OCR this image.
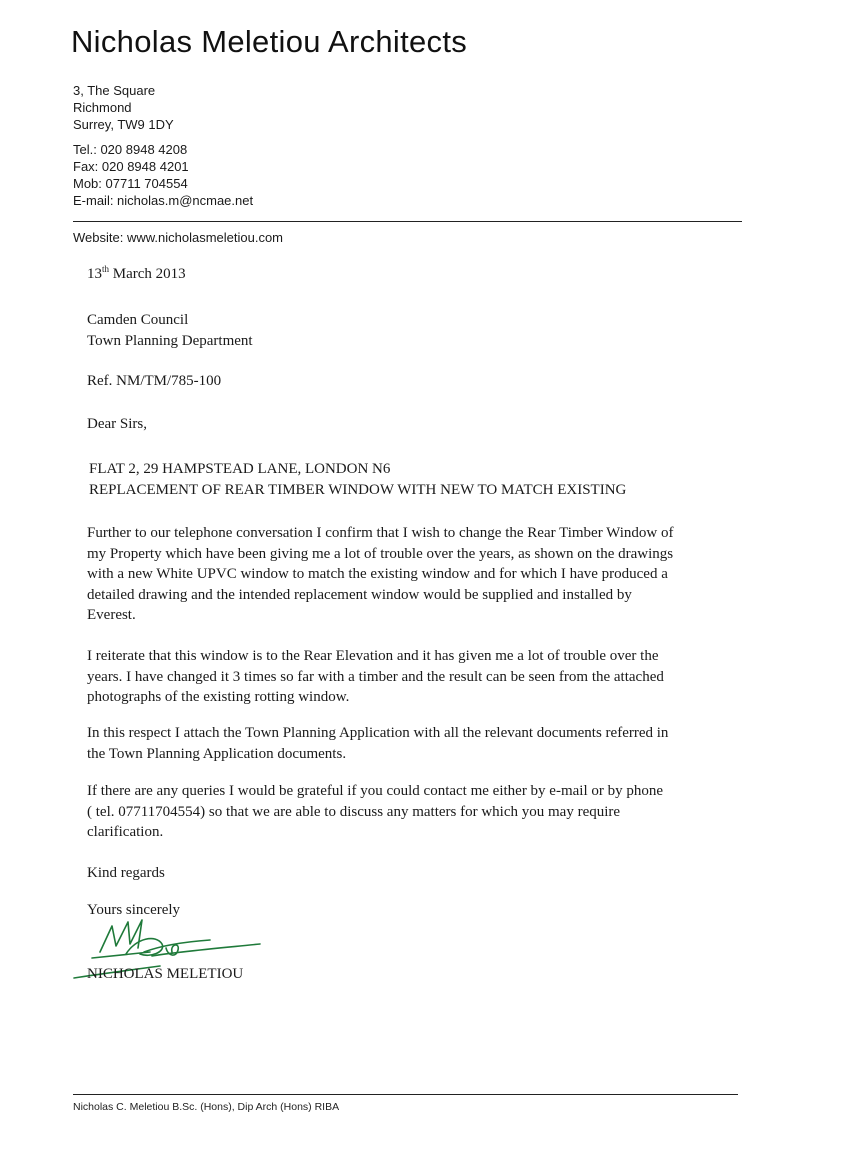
Nicholas Meletiou Architects
3, The Square
Richmond
Surrey, TW9 1DY
Tel.: 020 8948 4208
Fax: 020 8948 4201
Mob: 07711 704554
E-mail: nicholas.m@ncmae.net
Website: www.nicholasmeletiou.com
13th March 2013
Camden Council
Town Planning Department
Ref. NM/TM/785-100
Dear Sirs,
FLAT 2, 29 HAMPSTEAD LANE, LONDON N6
REPLACEMENT OF REAR TIMBER WINDOW WITH NEW TO MATCH EXISTING
Further to our telephone conversation I confirm that I wish to change the Rear Timber Window of
my Property which have been giving me a lot of trouble over the years, as shown on the drawings
with a new White UPVC window to match the existing window and for which I have produced a
detailed drawing and the intended replacement window would be supplied and installed by
Everest.
I reiterate that this window is to the Rear Elevation and it has given me a lot of trouble over the
years. I have changed it 3 times so far with a timber and the result can be seen from the attached
photographs of the existing rotting window.
In this respect I attach the Town Planning Application with all the relevant documents referred in
the Town Planning Application documents.
If there are any queries I would be grateful if you could contact me either by e-mail or by phone
( tel. 07711704554) so that we are able to discuss any matters for which you may require
clarification.
Kind regards
Yours sincerely
NICHOLAS MELETIOU
Nicholas C. Meletiou B.Sc. (Hons), Dip Arch (Hons) RIBA
